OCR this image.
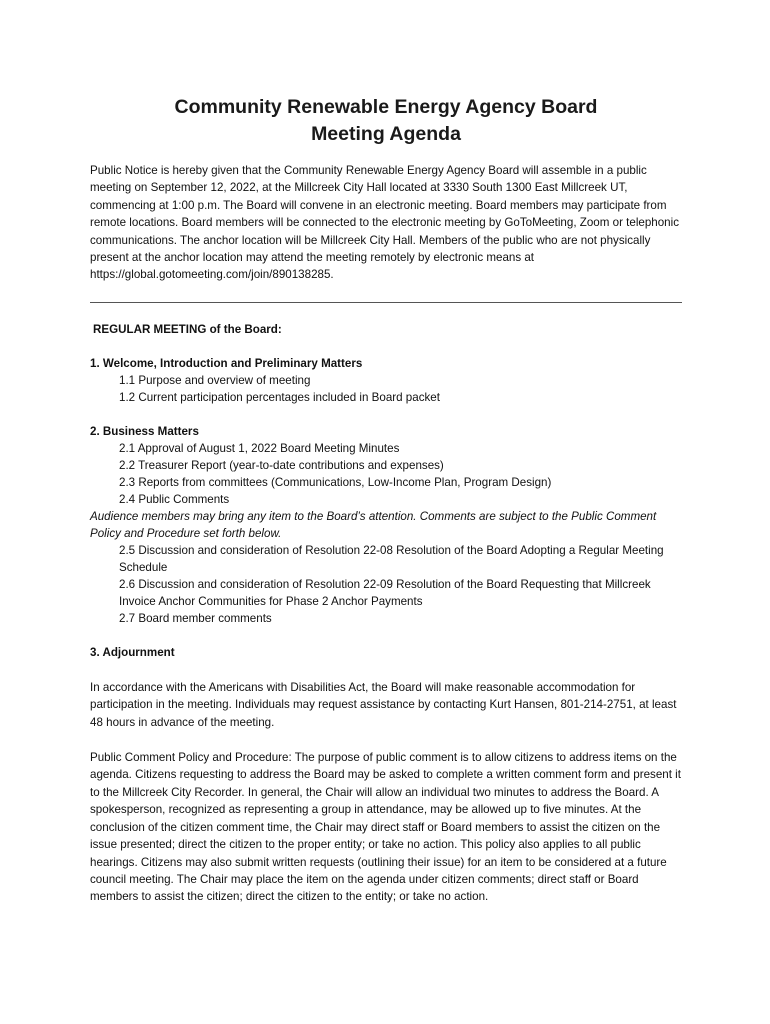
Community Renewable Energy Agency Board
Meeting Agenda
Public Notice is hereby given that the Community Renewable Energy Agency Board will assemble in a public meeting on September 12, 2022, at the Millcreek City Hall located at 3330 South 1300 East Millcreek UT, commencing at 1:00 p.m. The Board will convene in an electronic meeting. Board members may participate from remote locations. Board members will be connected to the electronic meeting by GoToMeeting, Zoom or telephonic communications. The anchor location will be Millcreek City Hall. Members of the public who are not physically present at the anchor location may attend the meeting remotely by electronic means at https://global.gotomeeting.com/join/890138285.
REGULAR MEETING of the Board:
1. Welcome, Introduction and Preliminary Matters
1.1 Purpose and overview of meeting
1.2 Current participation percentages included in Board packet
2. Business Matters
2.1 Approval of August 1, 2022 Board Meeting Minutes
2.2 Treasurer Report (year-to-date contributions and expenses)
2.3 Reports from committees (Communications, Low-Income Plan, Program Design)
2.4 Public Comments
Audience members may bring any item to the Board’s attention. Comments are subject to the Public Comment Policy and Procedure set forth below.
2.5 Discussion and consideration of Resolution 22-08 Resolution of the Board Adopting a Regular Meeting Schedule
2.6 Discussion and consideration of Resolution 22-09 Resolution of the Board Requesting that Millcreek Invoice Anchor Communities for Phase 2 Anchor Payments
2.7 Board member comments
3. Adjournment
In accordance with the Americans with Disabilities Act, the Board will make reasonable accommodation for participation in the meeting. Individuals may request assistance by contacting Kurt Hansen, 801-214-2751, at least 48 hours in advance of the meeting.
Public Comment Policy and Procedure: The purpose of public comment is to allow citizens to address items on the agenda. Citizens requesting to address the Board may be asked to complete a written comment form and present it to the Millcreek City Recorder. In general, the Chair will allow an individual two minutes to address the Board. A spokesperson, recognized as representing a group in attendance, may be allowed up to five minutes. At the conclusion of the citizen comment time, the Chair may direct staff or Board members to assist the citizen on the issue presented; direct the citizen to the proper entity; or take no action. This policy also applies to all public hearings. Citizens may also submit written requests (outlining their issue) for an item to be considered at a future council meeting. The Chair may place the item on the agenda under citizen comments; direct staff or Board members to assist the citizen; direct the citizen to the entity; or take no action.
